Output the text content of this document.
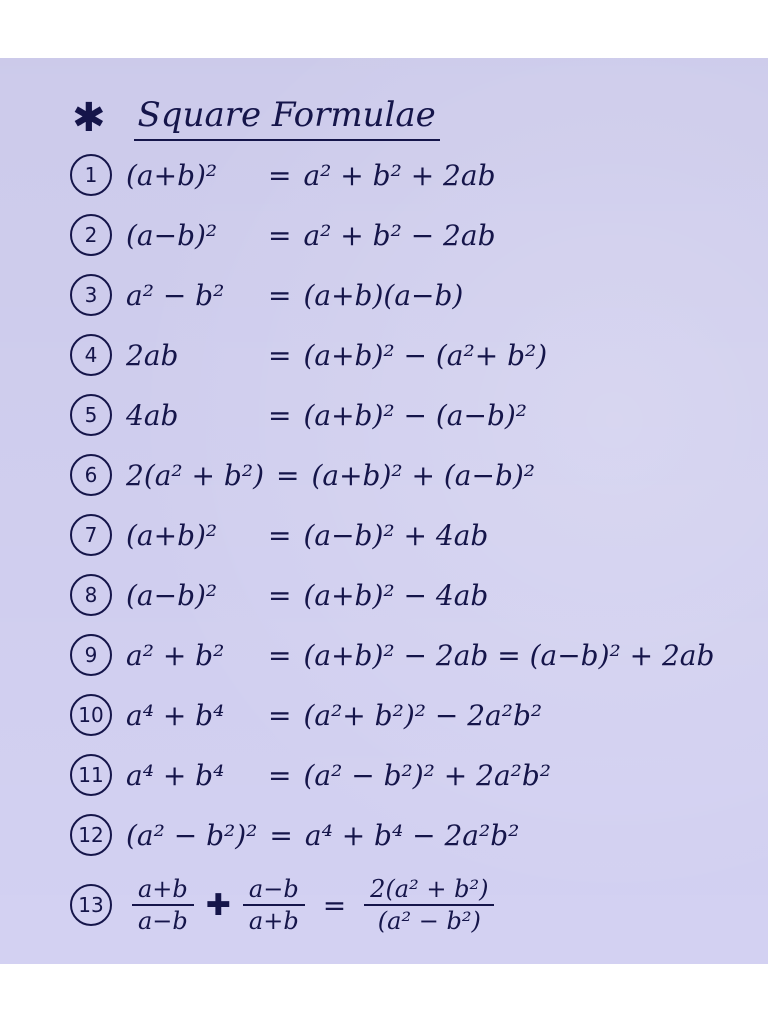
✱ Square Formulae
1	(a+b)²	= a² + b² + 2ab
2	(a−b)²	= a² + b² − 2ab
3	a² − b²	= (a+b)(a−b)
4	2ab	= (a+b)² − (a²+ b²)
5	4ab	= (a+b)² − (a−b)²
6	2(a² + b²) = (a+b)² + (a−b)²
7	(a+b)²	= (a−b)² + 4ab
8	(a−b)²	= (a+b)² − 4ab
9	a² + b²	= (a+b)² − 2ab = (a−b)² + 2ab
10 a⁴ + b⁴	= (a²+ b²)² − 2a²b²
11 a⁴ + b⁴	= (a² − b²)² + 2a²b²
12 (a² − b²)² = a⁴ + b⁴ − 2a²b²
13	$\frac{a+b}{a-b}$ ✚ $\frac{a-b}{a+b} = \frac{\text{2(a² + b²)}}{\text{(a² − b²)}}$
